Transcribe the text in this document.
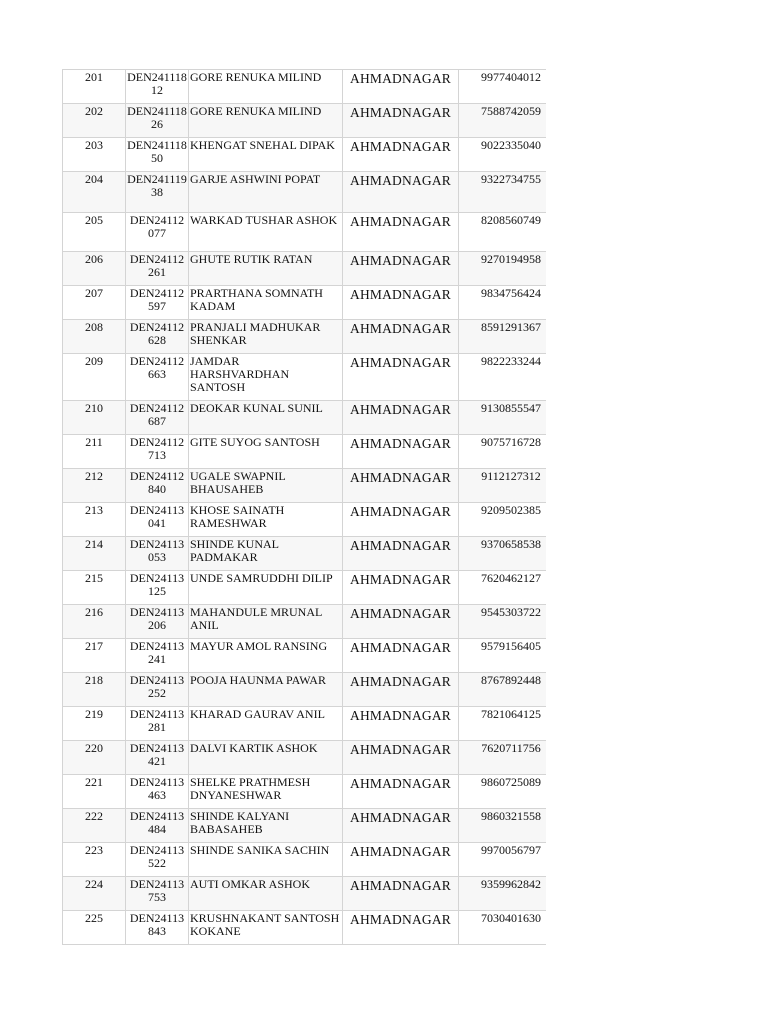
201	DEN24111812	GORE RENUKA MILIND	AHMADNAGAR	9977404012
202	DEN24111826	GORE RENUKA MILIND	AHMADNAGAR	7588742059
203	DEN24111850	KHENGAT SNEHAL DIPAK	AHMADNAGAR	9022335040
204	DEN24111938	GARJE ASHWINI POPAT	AHMADNAGAR	9322734755
205	DEN24112077	WARKAD TUSHAR ASHOK	AHMADNAGAR	8208560749
206	DEN24112261	GHUTE RUTIK RATAN	AHMADNAGAR	9270194958
207	DEN24112597	PRARTHANA SOMNATH KADAM	AHMADNAGAR	9834756424
208	DEN24112628	PRANJALI MADHUKAR SHENKAR	AHMADNAGAR	8591291367
209	DEN24112663	JAMDAR HARSHVARDHAN SANTOSH	AHMADNAGAR	9822233244
210	DEN24112687	DEOKAR KUNAL SUNIL	AHMADNAGAR	9130855547
211	DEN24112713	GITE SUYOG SANTOSH	AHMADNAGAR	9075716728
212	DEN24112840	UGALE SWAPNIL BHAUSAHEB	AHMADNAGAR	9112127312
213	DEN24113041	KHOSE SAINATH RAMESHWAR	AHMADNAGAR	9209502385
214	DEN24113053	SHINDE KUNAL PADMAKAR	AHMADNAGAR	9370658538
215	DEN24113125	UNDE SAMRUDDHI DILIP	AHMADNAGAR	7620462127
216	DEN24113206	MAHANDULE MRUNAL ANIL	AHMADNAGAR	9545303722
217	DEN24113241	MAYUR AMOL RANSING	AHMADNAGAR	9579156405
218	DEN24113252	POOJA HAUNMA PAWAR	AHMADNAGAR	8767892448
219	DEN24113281	KHARAD GAURAV ANIL	AHMADNAGAR	7821064125
220	DEN24113421	DALVI KARTIK ASHOK	AHMADNAGAR	7620711756
221	DEN24113463	SHELKE PRATHMESH DNYANESHWAR	AHMADNAGAR	9860725089
222	DEN24113484	SHINDE KALYANI BABASAHEB	AHMADNAGAR	9860321558
223	DEN24113522	SHINDE SANIKA SACHIN	AHMADNAGAR	9970056797
224	DEN24113753	AUTI OMKAR ASHOK	AHMADNAGAR	9359962842
225	DEN24113843	KRUSHNAKANT SANTOSH KOKANE	AHMADNAGAR	7030401630
